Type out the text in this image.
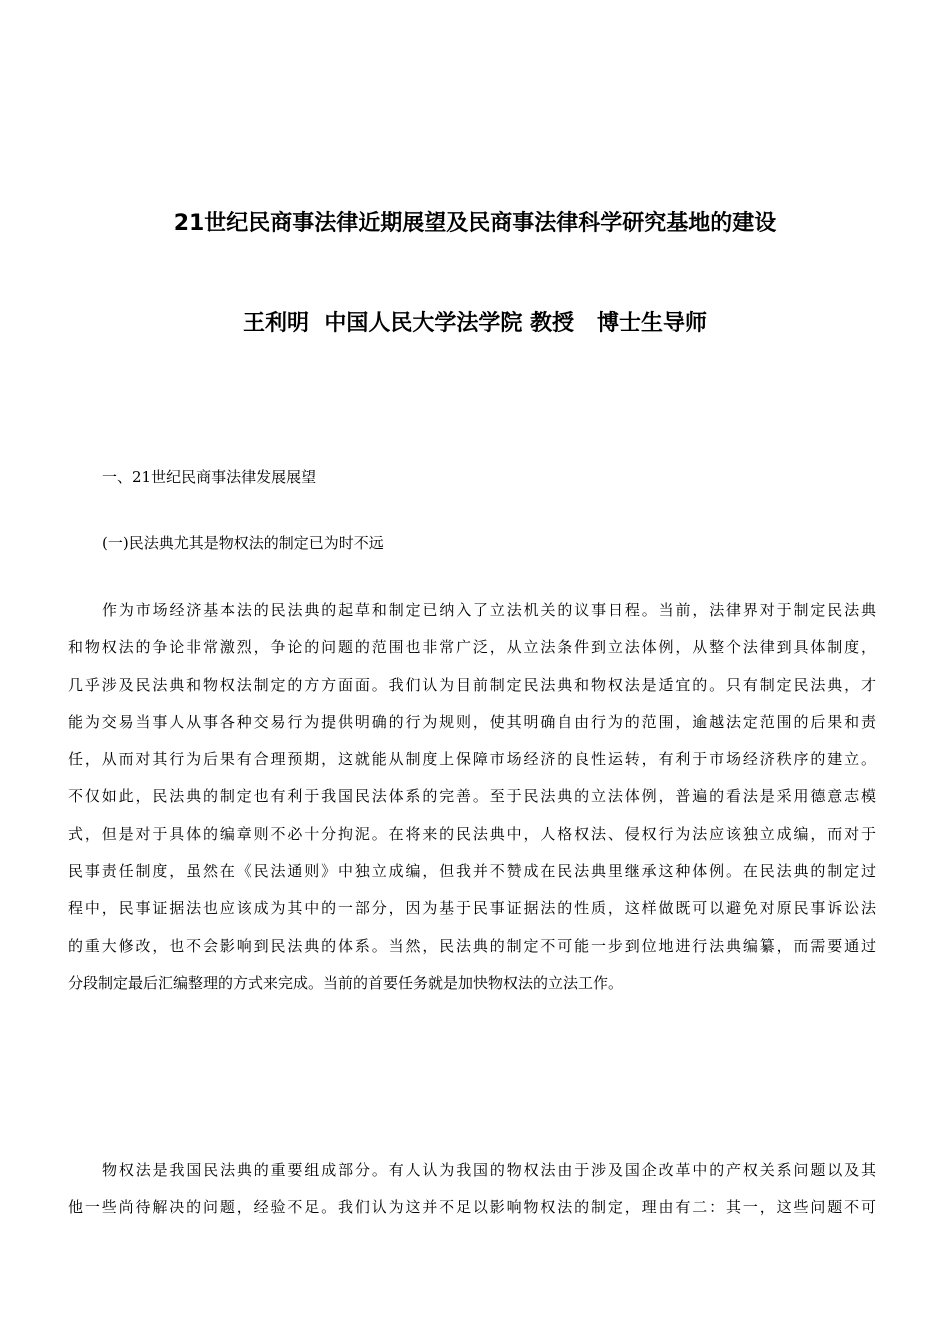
21世纪民商事法律近期展望及民商事法律科学研究基地的建设
王利明  中国人民大学法学院 教授   博士生导师
一、21世纪民商事法律发展展望
(一)民法典尤其是物权法的制定已为时不远
作为市场经济基本法的民法典的起草和制定已纳入了立法机关的议事日程。当前，法律界对于制定民法典
和物权法的争论非常激烈，争论的问题的范围也非常广泛，从立法条件到立法体例，从整个法律到具体制度，
几乎涉及民法典和物权法制定的方方面面。我们认为目前制定民法典和物权法是适宜的。只有制定民法典，才
能为交易当事人从事各种交易行为提供明确的行为规则，使其明确自由行为的范围，逾越法定范围的后果和责
任，从而对其行为后果有合理预期，这就能从制度上保障市场经济的良性运转，有利于市场经济秩序的建立。
不仅如此，民法典的制定也有利于我国民法体系的完善。至于民法典的立法体例，普遍的看法是采用德意志模
式，但是对于具体的编章则不必十分拘泥。在将来的民法典中，人格权法、侵权行为法应该独立成编，而对于
民事责任制度，虽然在《民法通则》中独立成编，但我并不赞成在民法典里继承这种体例。在民法典的制定过
程中，民事证据法也应该成为其中的一部分，因为基于民事证据法的性质，这样做既可以避免对原民事诉讼法
的重大修改，也不会影响到民法典的体系。当然，民法典的制定不可能一步到位地进行法典编纂，而需要通过
分段制定最后汇编整理的方式来完成。当前的首要任务就是加快物权法的立法工作。
物权法是我国民法典的重要组成部分。有人认为我国的物权法由于涉及国企改革中的产权关系问题以及其
他一些尚待解决的问题，经验不足。我们认为这并不足以影响物权法的制定，理由有二：其一，这些问题不可
